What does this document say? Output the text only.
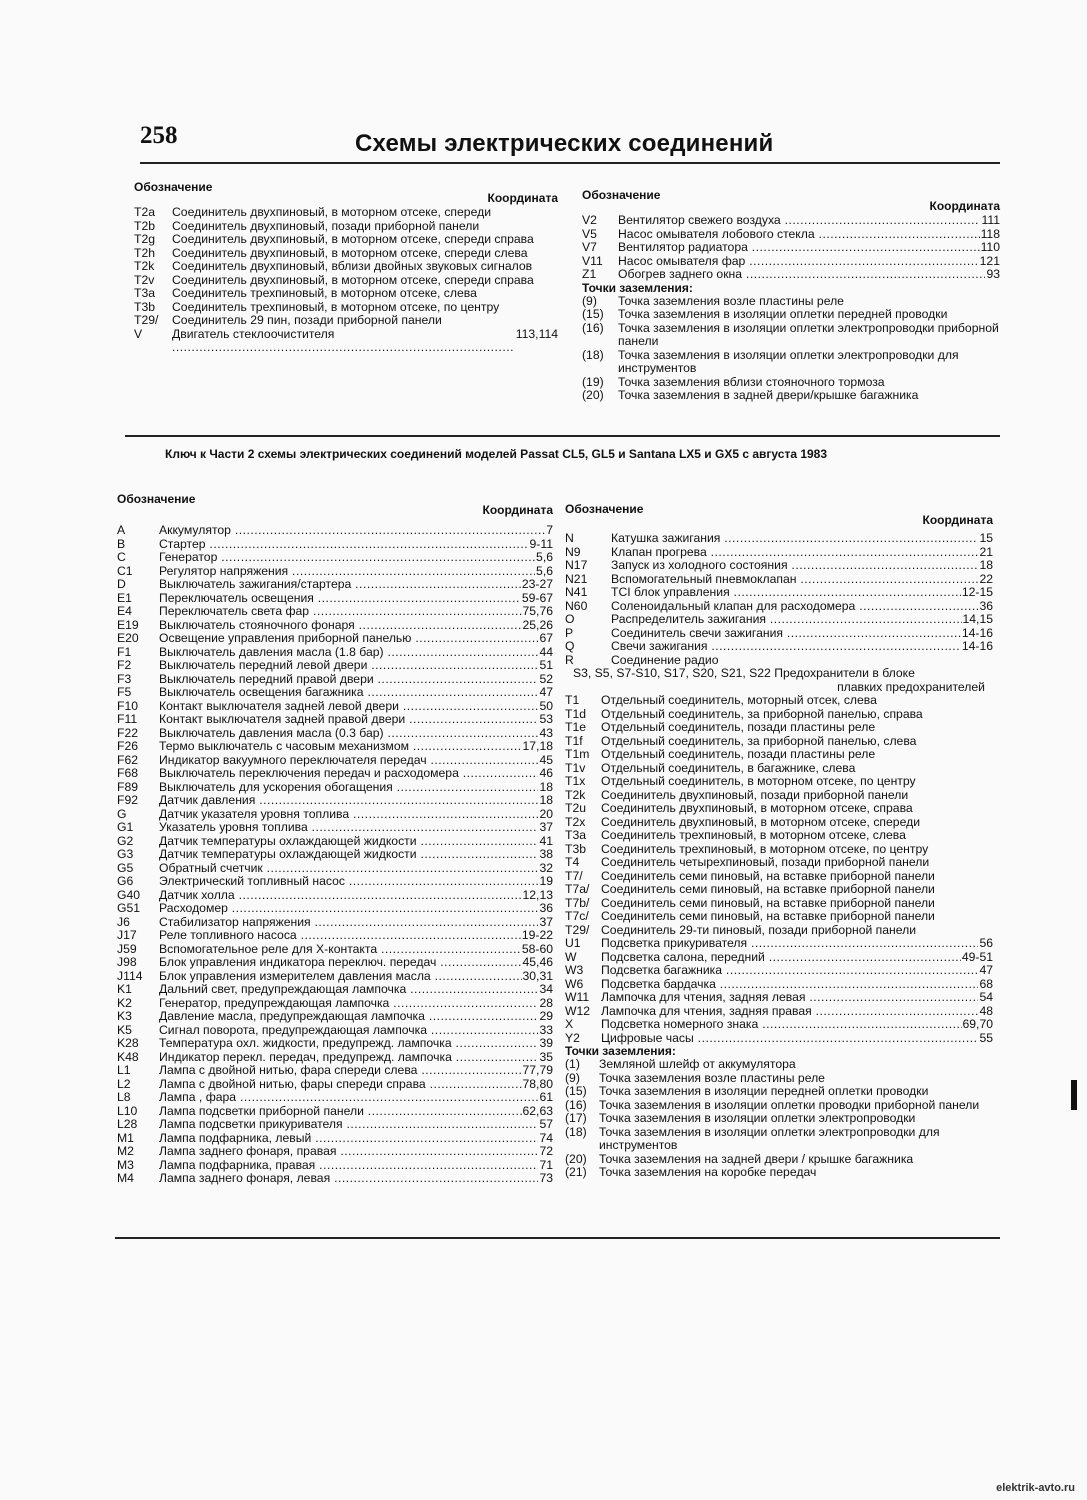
258	Схемы электрических соединений
Обозначение
Координата
T2a	Соединитель двухпиновый, в моторном отсеке, спереди
T2b	Соединитель двухпиновый, позади приборной панели
T2g	Соединитель двухпиновый, в моторном отсеке, спереди справа
T2h	Соединитель двухпиновый, в моторном отсеке, спереди слева
T2k	Соединитель двухпиновый, вблизи двойных звуковых сигналов
T2v	Соединитель двухпиновый, в моторном отсеке, спереди справа
T3a	Соединитель трехпиновый, в моторном отсеке, слева
T3b	Соединитель трехпиновый, в моторном отсеке, по центру
T29/	Соединитель 29 пин, позади приборной панели
V	Двигатель стеклоочистителя .....	113,114
Обозначение
Координата
V2	Вентилятор свежего воздуха .....	111
V5	Насос омывателя лобового стекла .....	118
V7	Вентилятор радиатора .....	110
V11	Насос омывателя фар .....	121
Z1	Обогрев заднего окна .....	93
Точки заземления:
(9)	Точка заземления возле пластины реле
(15)	Точка заземления в изоляции оплетки передней проводки
(16)	Точка заземления в изоляции оплетки электропроводки приборной панели
(18)	Точка заземления в изоляции оплетки электропроводки для инструментов
(19)	Точка заземления вблизи стояночного тормоза
(20)	Точка заземления в задней двери/крышке багажника
Ключ к Части 2 схемы электрических соединений моделей Passat CL5, GL5 и Santana LX5 и GX5 с августа 1983
Обозначение
Координата
A	Аккумулятор .....	7
B	Стартер .....	9-11
C	Генератор .....	5,6
C1	Регулятор напряжения .....	5,6
D	Выключатель зажигания/стартера .....	23-27
E1	Переключатель освещения .....	59-67
E4	Переключатель света фар .....	75,76
E19	Выключатель стояночного фонаря .....	25,26
E20	Освещение управления приборной панелью .....	67
F1	Выключатель давления масла (1.8 бар) .....	44
F2	Выключатель передний левой двери .....	51
F3	Выключатель передний правой двери .....	52
F5	Выключатель освещения багажника .....	47
F10	Контакт выключателя задней левой двери .....	50
F11	Контакт выключателя задней правой двери .....	53
F22	Выключатель давления масла (0.3 бар) .....	43
F26	Термо выключатель с часовым механизмом .....	17,18
F62	Индикатор вакуумного переключателя передач .....	45
F68	Выключатель переключения передач и расходомера .....	46
F89	Выключатель для ускорения обогащения .....	18
F92	Датчик давления .....	18
G	Датчик указателя уровня топлива .....	20
G1	Указатель уровня топлива .....	37
G2	Датчик температуры охлаждающей жидкости .....	41
G3	Датчик температуры охлаждающей жидкости .....	38
G5	Обратный счетчик .....	32
G6	Электрический топливный насос .....	19
G40	Датчик холла .....	12,13
G51	Расходомер .....	36
J6	Стабилизатор напряжения .....	37
J17	Реле топливного насоса .....	19-22
J59	Вспомогательное реле для X-контакта .....	58-60
J98	Блок управления индикатора переключ. передач .....	45,46
J114	Блок управления измерителем давления масла .....	30,31
K1	Дальний свет, предупреждающая лампочка .....	34
K2	Генератор, предупреждающая лампочка .....	28
K3	Давление масла, предупреждающая лампочка .....	29
K5	Сигнал поворота, предупреждающая лампочка .....	33
K28	Температура охл. жидкости, предупрежд. лампочка .....	39
K48	Индикатор перекл. передач, предупрежд. лампочка .....	35
L1	Лампа с двойной нитью, фара спереди слева .....	77,79
L2	Лампа с двойной нитью, фары спереди справа .....	78,80
L8	Лампа , фара .....	61
L10	Лампа подсветки приборной панели .....	62,63
L28	Лампа подсветки прикуривателя .....	57
M1	Лампа подфарника, левый .....	74
M2	Лампа заднего фонаря, правая .....	72
M3	Лампа подфарника, правая .....	71
M4	Лампа заднего фонаря, левая .....	73
Обозначение
Координата
N	Катушка зажигания .....	15
N9	Клапан прогрева .....	21
N17	Запуск из холодного состояния .....	18
N21	Вспомогательный пневмоклапан .....	22
N41	TCI блок управления .....	12-15
N60	Соленоидальный клапан для расходомера .....	36
O	Распределитель зажигания .....	14,15
P	Соединитель свечи зажигания .....	14-16
Q	Свечи зажигания .....	14-16
R	Соединение радио
S3, S5, S7-S10, S17, S20, S21, S22 Предохранители в блоке
плавких предохранителей
T1	Отдельный соединитель, моторный отсек, слева
T1d	Отдельный соединитель, за приборной панелью, справа
T1e	Отдельный соединитель, позади пластины реле
T1f	Отдельный соединитель, за приборной панелью, слева
T1m Отдельный соединитель, позади пластины реле
T1v	Отдельный соединитель, в багажнике, слева
T1x	Отдельный соединитель, в моторном отсеке, по центру
T2k	Соединитель двухпиновый, позади приборной панели
T2u	Соединитель двухпиновый, в моторном отсеке, справа
T2x	Соединитель двухпиновый, в моторном отсеке, спереди
T3a	Соединитель трехпиновый, в моторном отсеке, слева
T3b	Соединитель трехпиновый, в моторном отсеке, по центру
T4	Соединитель четырехпиновый, позади приборной панели
T7/	Соединитель семи пиновый, на вставке приборной панели
T7a/ Соединитель семи пиновый, на вставке приборной панели
T7b/ Соединитель семи пиновый, на вставке приборной панели
T7c/	Соединитель семи пиновый, на вставке приборной панели
T29/ Соединитель 29-ти пиновый, позади приборной панели
U1	Подсветка прикуривателя .....	56
W	Подсветка салона, передний .....	49-51
W3	Подсветка багажника .....	47
W6	Подсветка бардачка .....	68
W11 Лампочка для чтения, задняя левая .....	54
W12 Лампочка для чтения, задняя правая .....	48
X	Подсветка номерного знака .....	69,70
Y2	Цифровые часы .....	55
Точки заземления:
(1)	Земляной шлейф от аккумулятора
(9)	Точка заземления возле пластины реле
(15)	Точка заземления в изоляции передней оплетки проводки
(16)	Точка заземления в изоляции оплетки проводки приборной панели
(17)	Точка заземления в изоляции оплетки электропроводки
(18)	Точка заземления в изоляции оплетки электропроводки для инструментов
(20)	Точка заземления на задней двери / крышке багажника
(21)	Точка заземления на коробке передач
elektrik-avto.ru
